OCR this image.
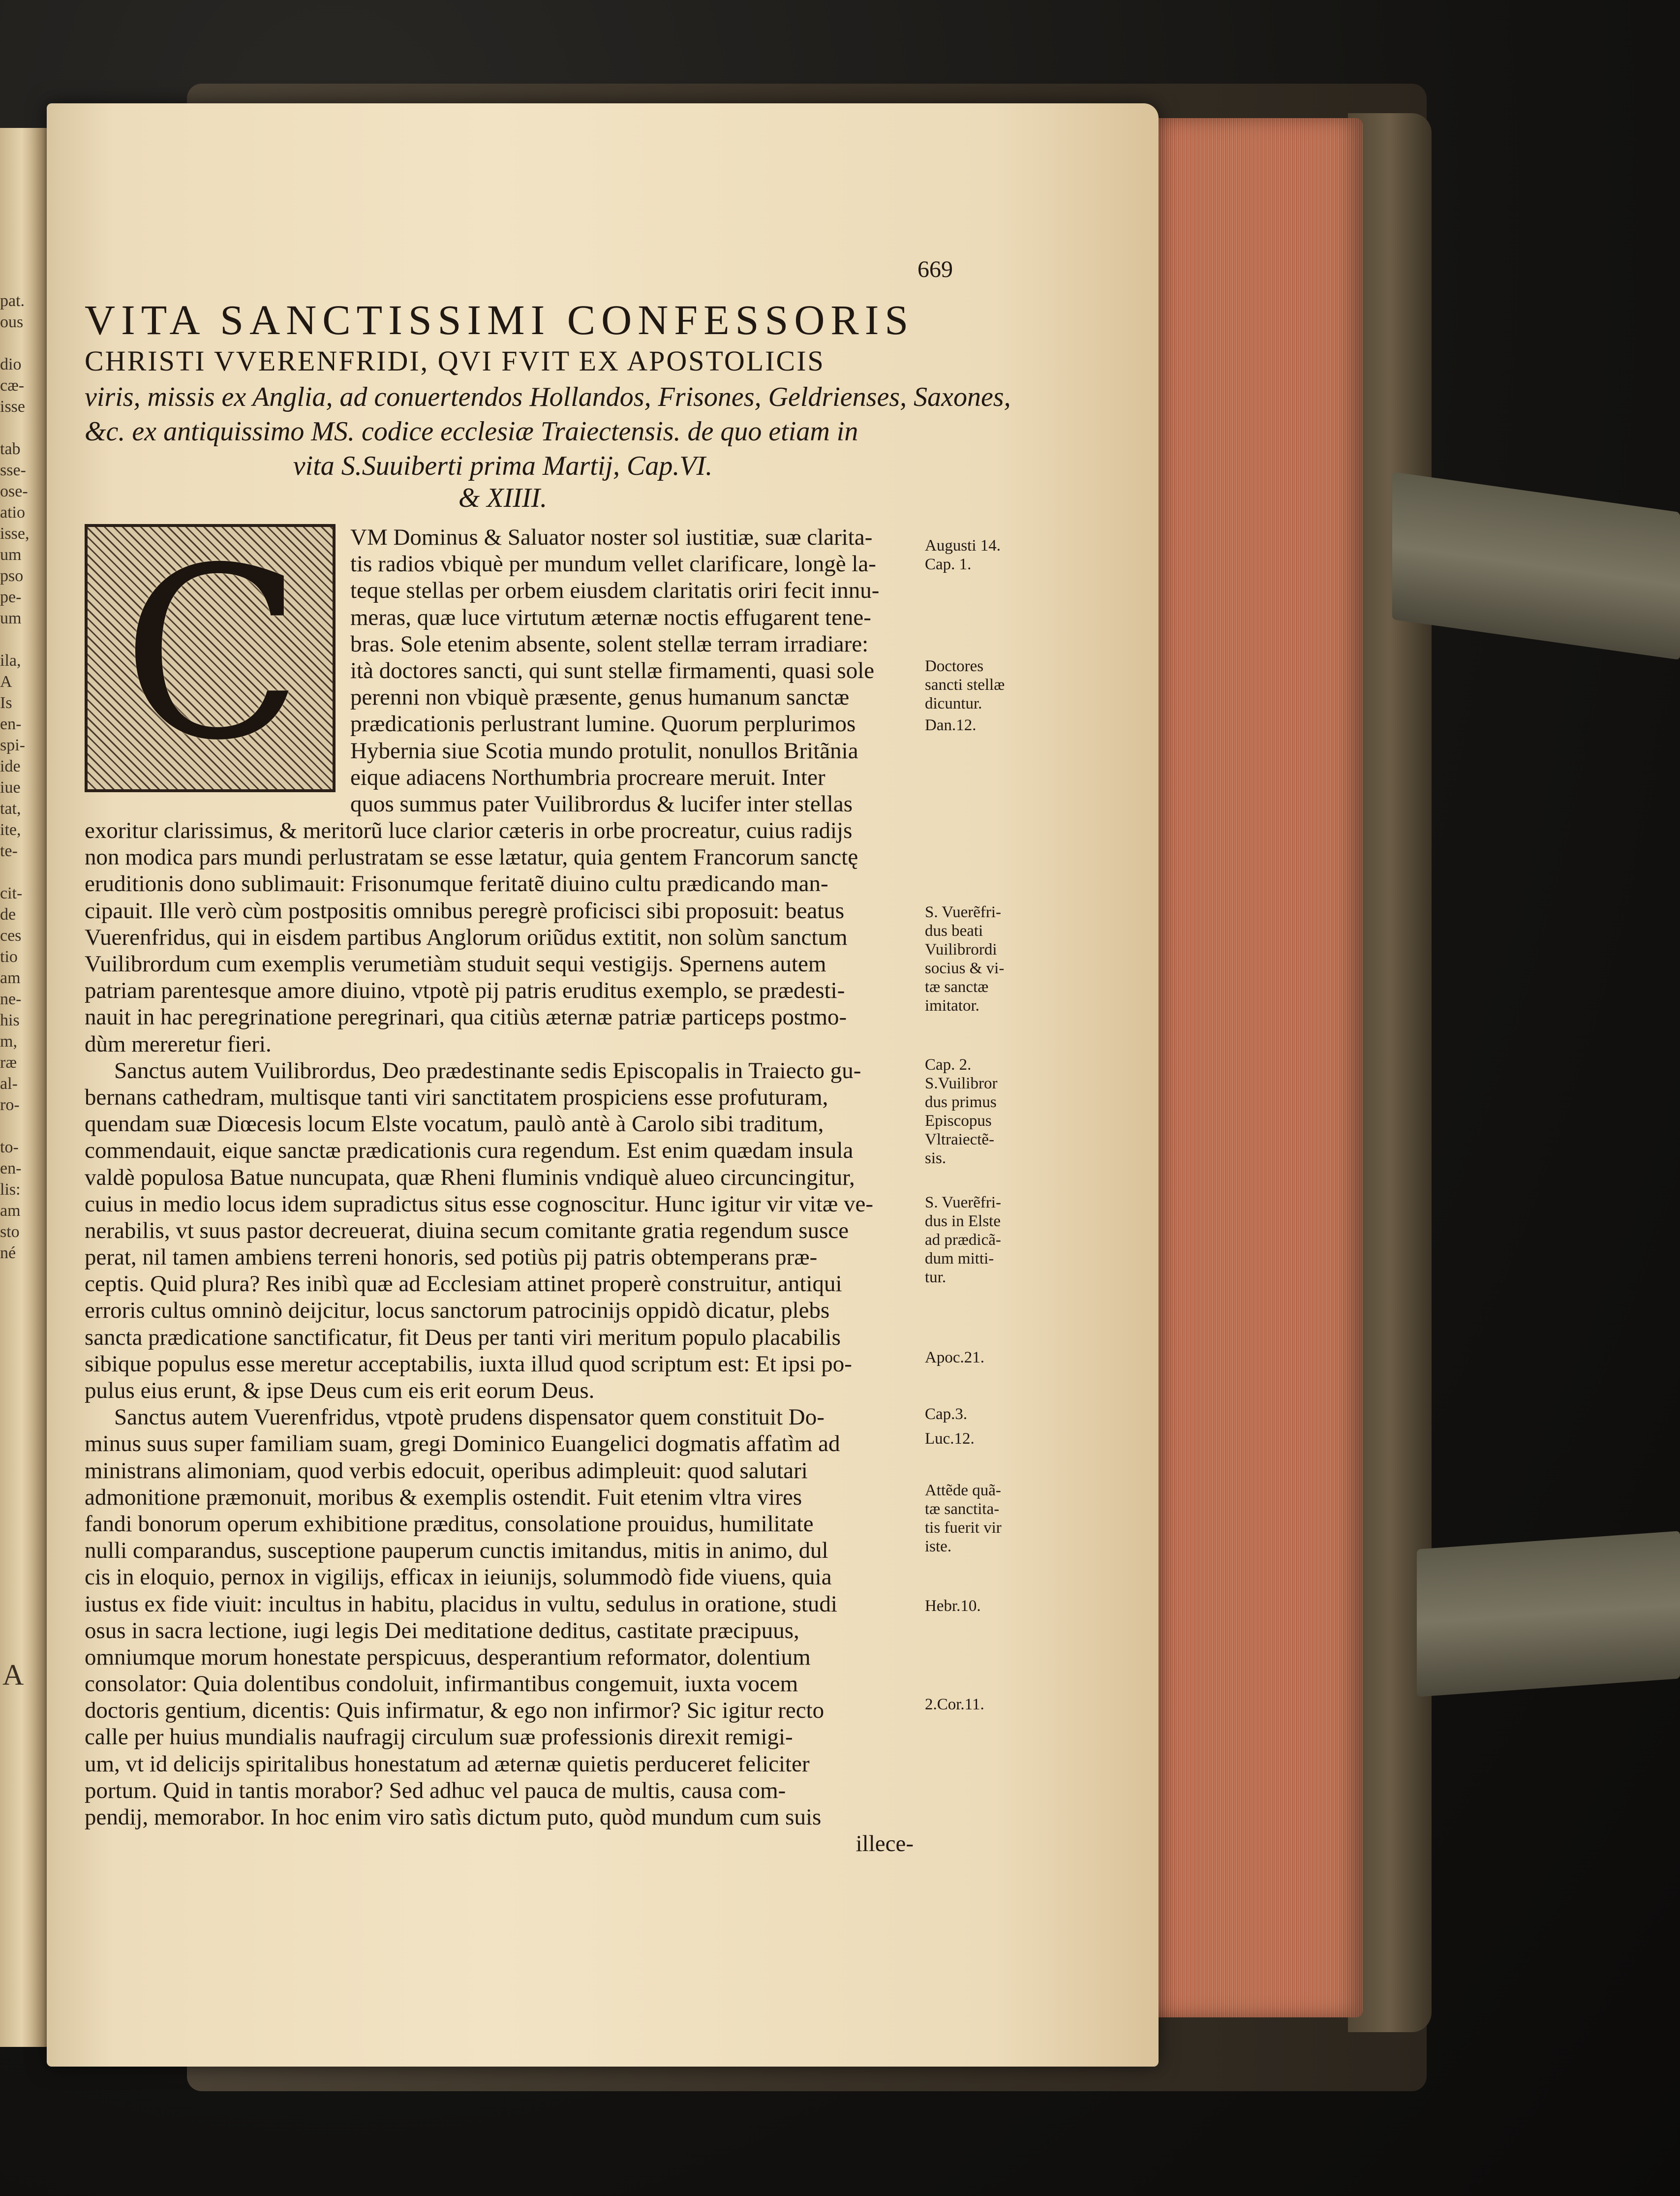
pat.
ous
dio
cæ-
isse
tab
sse-
ose-
atio
isse,
um
pso
pe-
um
ila,
A
Is
en-
spi-
ide
iue
tat,
ite,
te-
cit-
de
ces
tio
am
ne-
his
m,
ræ
al-
ro-
to-
en-
lis:
am
sto
né
A
669
VITA SANCTISSIMI CONFESSORIS
CHRISTI VVERENFRIDI, QVI FVIT EX APOSTOLICIS
viris, missis ex Anglia, ad conuertendos Hollandos, Frisones, Geldrienses, Saxones,
&c. ex antiquissimo MS. codice ecclesiæ Traiectensis. de quo etiam in
vita S.Suuiberti prima Martij, Cap.VI.
& XIIII.
VM Dominus & Saluator noster sol iustitiæ, suæ clarita-
tis radios vbiquè per mundum vellet clarificare, longè la-
teque stellas per orbem eiusdem claritatis oriri fecit innu-
meras, quæ luce virtutum æternæ noctis effugarent tene-
bras. Sole etenim absente, solent stellæ terram irradiare:
ità doctores sancti, qui sunt stellæ firmamenti, quasi sole
perenni non vbiquè præsente, genus humanum sanctæ
prædicationis perlustrant lumine. Quorum perplurimos
Hybernia siue Scotia mundo protulit, nonullos Britãnia
eique adiacens Northumbria procreare meruit. Inter
quos summus pater Vuilibrordus & lucifer inter stellas
exoritur clarissimus, & meritorũ luce clarior cæteris in orbe procreatur, cuius radijs
non modica pars mundi perlustratam se esse lætatur, quia gentem Francorum sanctę
eruditionis dono sublimauit: Frisonumque feritatẽ diuino cultu prædicando man-
cipauit. Ille verò cùm postpositis omnibus peregrè proficisci sibi proposuit: beatus
Vuerenfridus, qui in eisdem partibus Anglorum oriũdus extitit, non solùm sanctum
Vuilibrordum cum exemplis verumetiàm studuit sequi vestigijs. Spernens autem
patriam parentesque amore diuino, vtpotè pij patris eruditus exemplo, se prædesti-
nauit in hac peregrinatione peregrinari, qua citiùs æternæ patriæ particeps postmo-
dùm mereretur fieri.
Sanctus autem Vuilibrordus, Deo prædestinante sedis Episcopalis in Traiecto gu-
bernans cathedram, multisque tanti viri sanctitatem prospiciens esse profuturam,
quendam suæ Diœcesis locum Elste vocatum, paulò antè à Carolo sibi traditum,
commendauit, eique sanctæ prædicationis cura regendum. Est enim quædam insula
valdè populosa Batue nuncupata, quæ Rheni fluminis vndiquè alueo circuncingitur,
cuius in medio locus idem supradictus situs esse cognoscitur. Hunc igitur vir vitæ ve-
nerabilis, vt suus pastor decreuerat, diuina secum comitante gratia regendum susce
perat, nil tamen ambiens terreni honoris, sed potiùs pij patris obtemperans præ-
ceptis. Quid plura? Res inibì quæ ad Ecclesiam attinet properè construitur, antiqui
erroris cultus omninò deijcitur, locus sanctorum patrocinijs oppidò dicatur, plebs
sancta prædicatione sanctificatur, fit Deus per tanti viri meritum populo placabilis
sibique populus esse meretur acceptabilis, iuxta illud quod scriptum est: Et ipsi po-
pulus eius erunt, & ipse Deus cum eis erit eorum Deus.
Sanctus autem Vuerenfridus, vtpotè prudens dispensator quem constituit Do-
minus suus super familiam suam, gregi Dominico Euangelici dogmatis affatìm ad
ministrans alimoniam, quod verbis edocuit, operibus adimpleuit: quod salutari
admonitione præmonuit, moribus & exemplis ostendit. Fuit etenim vltra vires
fandi bonorum operum exhibitione præditus, consolatione prouidus, humilitate
nulli comparandus, susceptione pauperum cunctis imitandus, mitis in animo, dul
cis in eloquio, pernox in vigilijs, efficax in ieiunijs, solummodò fide viuens, quia
iustus ex fide viuit: incultus in habitu, placidus in vultu, sedulus in oratione, studi
osus in sacra lectione, iugi legis Dei meditatione deditus, castitate præcipuus,
omniumque morum honestate perspicuus, desperantium reformator, dolentium
consolator: Quia dolentibus condoluit, infirmantibus congemuit, iuxta vocem
doctoris gentium, dicentis: Quis infirmatur, & ego non infirmor? Sic igitur recto
calle per huius mundialis naufragij circulum suæ professionis direxit remigi-
um, vt id delicijs spiritalibus honestatum ad æternæ quietis perduceret feliciter
portum. Quid in tantis morabor? Sed adhuc vel pauca de multis, causa com-
pendij, memorabor. In hoc enim viro satìs dictum puto, quòd mundum cum suis
illece-
C	Augusti 14.
Cap. 1.
Doctores
sancti stellæ
dicuntur.
Dan.12.
S. Vuerẽfri-
dus beati
Vuilibrordi
socius & vi-
tæ sanctæ
imitator.
Cap. 2.
S.Vuilibror
dus primus
Episcopus
Vltraiectẽ-
sis.
S. Vuerẽfri-
dus in Elste
ad prædicã-
dum mitti-
tur.
Apoc.21.
Cap.3.
Luc.12.
Attẽde quã-
tæ sanctita-
tis fuerit vir
iste.
Hebr.10.
2.Cor.11.
